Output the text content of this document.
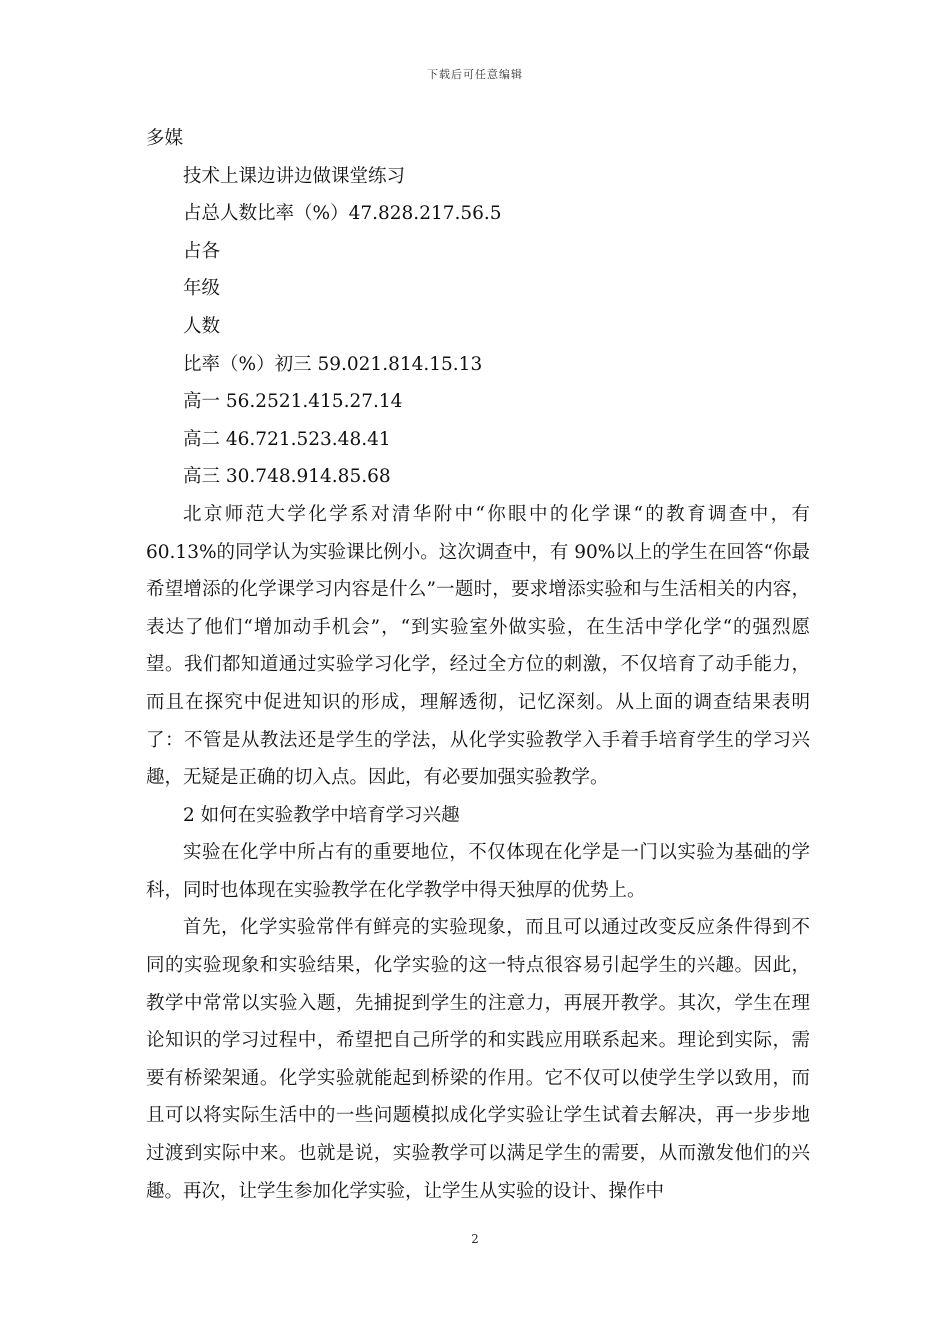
下载后可任意编辑
多媒
技术上课边讲边做课堂练习
占总人数比率（%）47.828.217.56.5
占各
年级
人数
比率（%）初三 59.021.814.15.13
高一 56.2521.415.27.14
高二 46.721.523.48.41
高三 30.748.914.85.68

北京师范大学化学系对清华附中“你眼中的化学课“的教育调查中，有 60.13%的同学认为实验课比例小。这次调查中，有 90%以上的学生在回答“你最希望增添的化学课学习内容是什么”一题时，要求增添实验和与生活相关的内容，表达了他们“增加动手机会”，“到实验室外做实验，在生活中学化学“的强烈愿望。我们都知道通过实验学习化学，经过全方位的刺激，不仅培育了动手能力，而且在探究中促进知识的形成，理解透彻，记忆深刻。从上面的调查结果表明了：不管是从教法还是学生的学法，从化学实验教学入手着手培育学生的学习兴趣，无疑是正确的切入点。因此，有必要加强实验教学。

2 如何在实验教学中培育学习兴趣

实验在化学中所占有的重要地位，不仅体现在化学是一门以实验为基础的学科，同时也体现在实验教学在化学教学中得天独厚的优势上。

首先，化学实验常伴有鲜亮的实验现象，而且可以通过改变反应条件得到不同的实验现象和实验结果，化学实验的这一特点很容易引起学生的兴趣。因此，教学中常常以实验入题，先捕捉到学生的注意力，再展开教学。其次，学生在理论知识的学习过程中，希望把自己所学的和实践应用联系起来。理论到实际，需要有桥梁架通。化学实验就能起到桥梁的作用。它不仅可以使学生学以致用，而且可以将实际生活中的一些问题模拟成化学实验让学生试着去解决，再一步步地过渡到实际中来。也就是说，实验教学可以满足学生的需要，从而激发他们的兴趣。再次，让学生参加化学实验，让学生从实验的设计、操作中

2
